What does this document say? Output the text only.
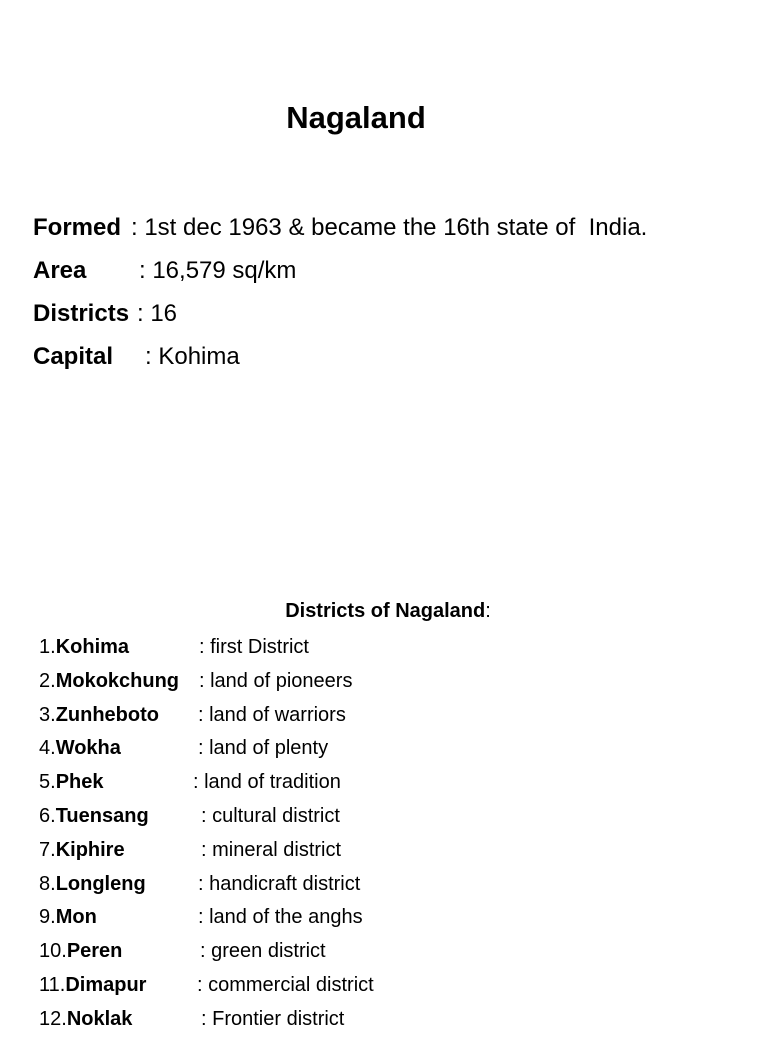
Nagaland
Formed : 1st dec 1963 & became the 16th state of  India.
Area : 16,579 sq/km
Districts : 16
Capital : Kohima
Districts of Nagaland:
1.Kohima	: first District
2.Mokokchung : land of pioneers
3.Zunheboto : land of warriors
4.Wokha	: land of plenty
5.Phek	: land of tradition
6.Tuensang	: cultural district
7.Kiphire	: mineral district
8.Longleng	: handicraft district
9.Mon	: land of the anghs
10.Peren	: green district
11.Dimapur	: commercial district
12.Noklak	: Frontier district
